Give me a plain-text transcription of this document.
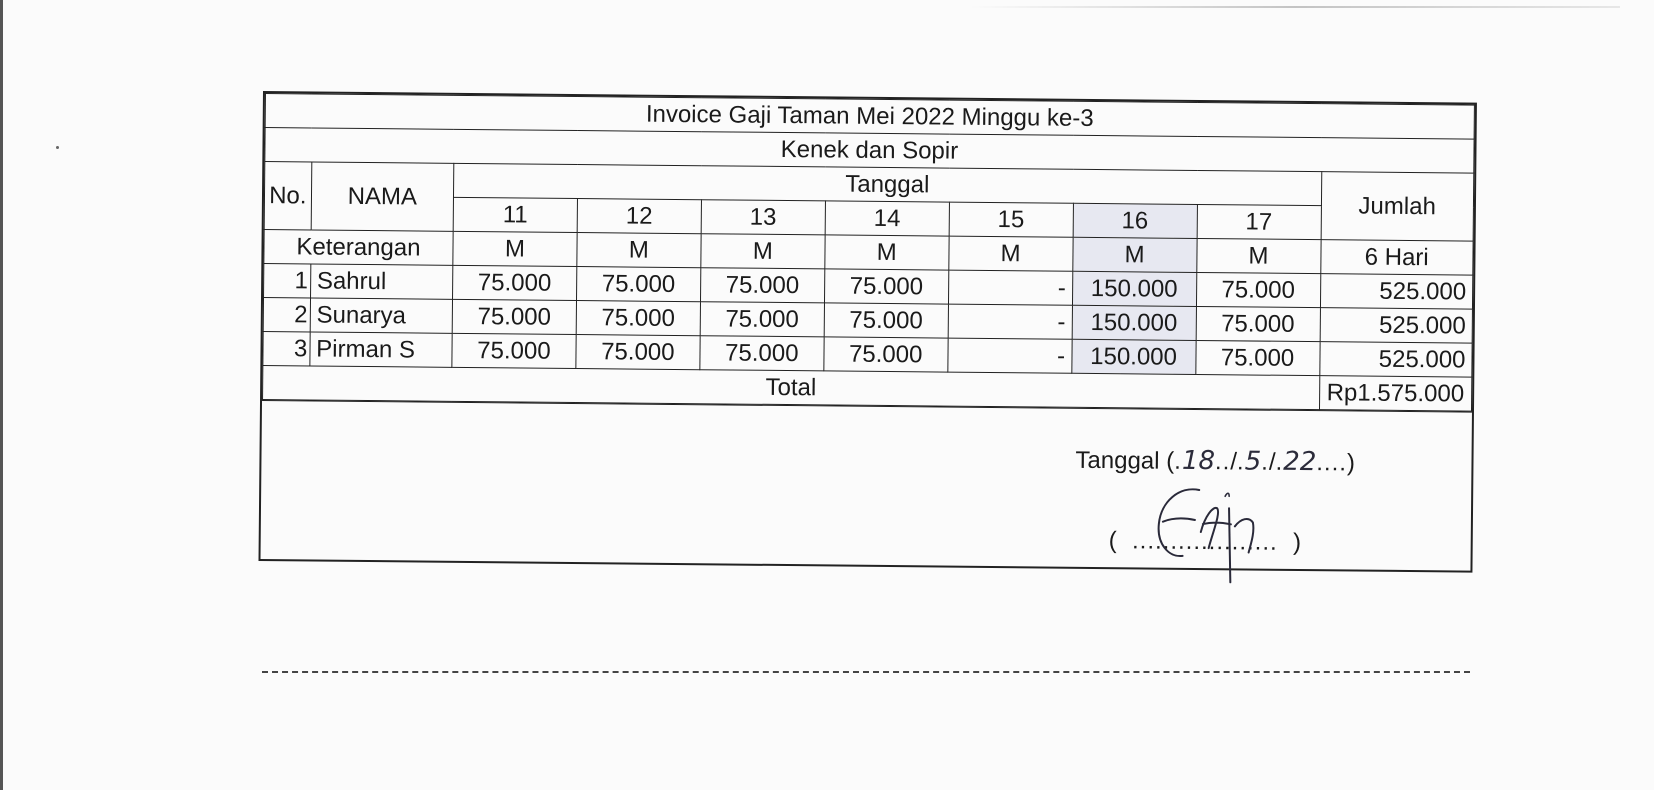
Invoice Gaji Taman Mei 2022 Minggu ke-3									
Kenek dan Sopir									
No.	NAMA	Tanggal							Jumlah
		11	12	13	14	15	16	17	
Keterangan		M	M	M	M	M	M	M	6 Hari
1	Sahrul	75.000	75.000	75.000	75.000	-	150.000	75.000	525.000
2	Sunarya	75.000	75.000	75.000	75.000	-	150.000	75.000	525.000
3	Pirman S	75.000	75.000	75.000	75.000	-	150.000	75.000	525.000
Total									Rp1.575.000
Tanggal (.18../.5./.22....)
(  ...................  )
